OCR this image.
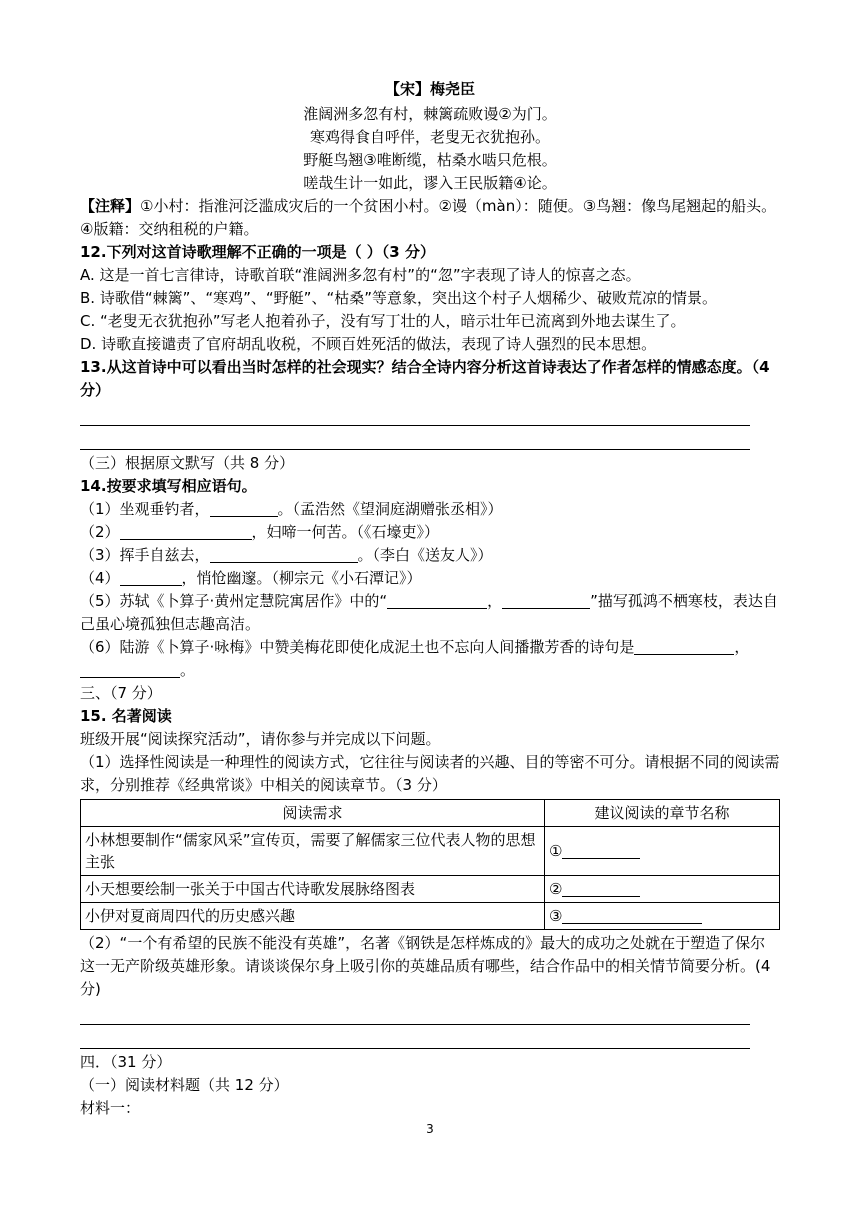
【宋】梅尧臣

淮阔洲多忽有村，棘篱疏败谩②为门。

寒鸡得食自呼伴，老叟无衣犹抱孙。

野艇鸟翘③唯断缆，枯桑水啮只危根。

嗟哉生计一如此，谬入王民版籍④论。

【注释】①小村：指淮河泛滥成灾后的一个贫困小村。②谩（màn）：随便。③鸟翘：像鸟尾翘起的船头。④版籍：交纳租税的户籍。

12.下列对这首诗歌理解不正确的一项是（ ）（3 分）

A. 这是一首七言律诗，诗歌首联“淮阔洲多忽有村”的“忽”字表现了诗人的惊喜之态。

B. 诗歌借“棘篱”、“寒鸡”、“野艇”、“枯桑”等意象，突出这个村子人烟稀少、破败荒凉的情景。

C. “老叟无衣犹抱孙”写老人抱着孙子，没有写丁壮的人，暗示壮年已流离到外地去谋生了。

D. 诗歌直接谴责了官府胡乱收税，不顾百姓死活的做法，表现了诗人强烈的民本思想。

13.从这首诗中可以看出当时怎样的社会现实？结合全诗内容分析这首诗表达了作者怎样的情感态度。（4 分）

（三）根据原文默写（共 8 分）

14.按要求填写相应语句。

（1）坐观垂钓者，	。（孟浩然《望洞庭湖赠张丞相》）

（2）	，妇啼一何苦。（《石壕吏》）

（3）挥手自兹去，	。（李白《送友人》）

（4）	，悄怆幽邃。（柳宗元《小石潭记》）

（5）苏轼《卜算子·黄州定慧院寓居作》中的“	，	”描写孤鸿不栖寒枝，表达自己虽心境孤独但志趣高洁。

（6）陆游《卜算子·咏梅》中赞美梅花即使化成泥土也不忘向人间播撒芳香的诗句是	，。

三、（7 分）

15. 名著阅读

班级开展“阅读探究活动”，请你参与并完成以下问题。

（1）选择性阅读是一种理性的阅读方式，它往往与阅读者的兴趣、目的等密不可分。请根据不同的阅读需求，分别推荐《经典常谈》中相关的阅读章节。（3 分）

阅读需求	建议阅读的章节名称
小林想要制作“儒家风采”宣传页，需要了解儒家三位代表人物的思想主张	①
小天想要绘制一张关于中国古代诗歌发展脉络图表	②
小伊对夏商周四代的历史感兴趣	③

（2）“一个有希望的民族不能没有英雄”，名著《钢铁是怎样炼成的》最大的成功之处就在于塑造了保尔这一无产阶级英雄形象。请谈谈保尔身上吸引你的英雄品质有哪些，结合作品中的相关情节简要分析。(4 分)

四．（31 分）

（一）阅读材料题（共 12 分）

材料一：

3
